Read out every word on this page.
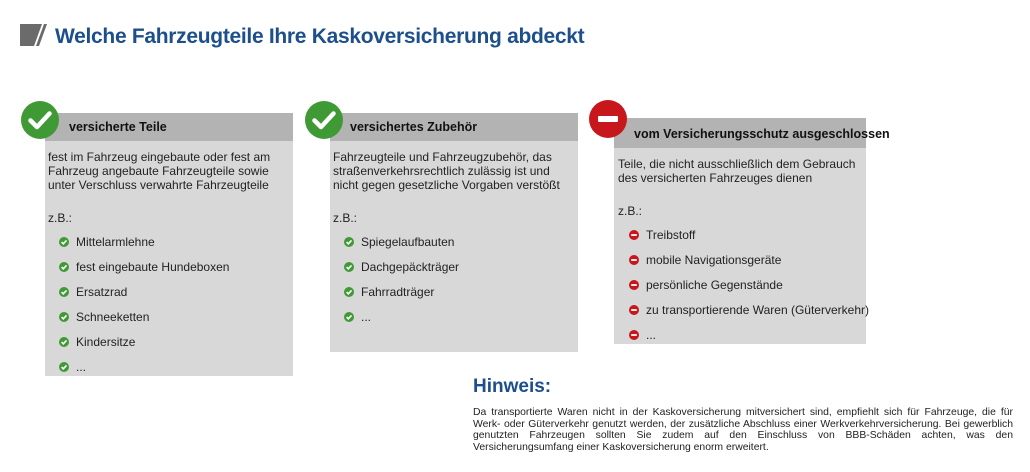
Welche Fahrzeugteile Ihre Kaskoversicherung abdeckt
versicherte Teile
fest im Fahrzeug eingebaute oder fest am Fahrzeug angebaute Fahrzeugteile sowie unter Verschluss verwahrte Fahrzeugteile
z.B.:
Mittelarmlehne
fest eingebaute Hundeboxen
Ersatzrad
Schneeketten
Kindersitze
...
versichertes Zubehör
Fahrzeugteile und Fahrzeugzubehör, das straßenverkehrsrechtlich zulässig ist und nicht gegen gesetzliche Vorgaben verstößt
z.B.:
Spiegelaufbauten
Dachgepäckträger
Fahrradträger
...
vom Versicherungsschutz ausgeschlossen
Teile, die nicht ausschließlich dem Gebrauch des versicherten Fahrzeuges dienen
z.B.:
Treibstoff
mobile Navigationsgeräte
persönliche Gegenstände
zu transportierende Waren (Güterverkehr)
...
Hinweis:
Da transportierte Waren nicht in der Kaskoversicherung mitversichert sind, empfiehlt sich für Fahrzeuge, die für Werk- oder Güterverkehr genutzt werden, der zusätzliche Abschluss einer Werkverkehrversicherung. Bei gewerblich genutzten Fahrzeugen sollten Sie zudem auf den Einschluss von BBB-Schäden achten, was den Versicherungsumfang einer Kaskoversicherung enorm erweitert.
